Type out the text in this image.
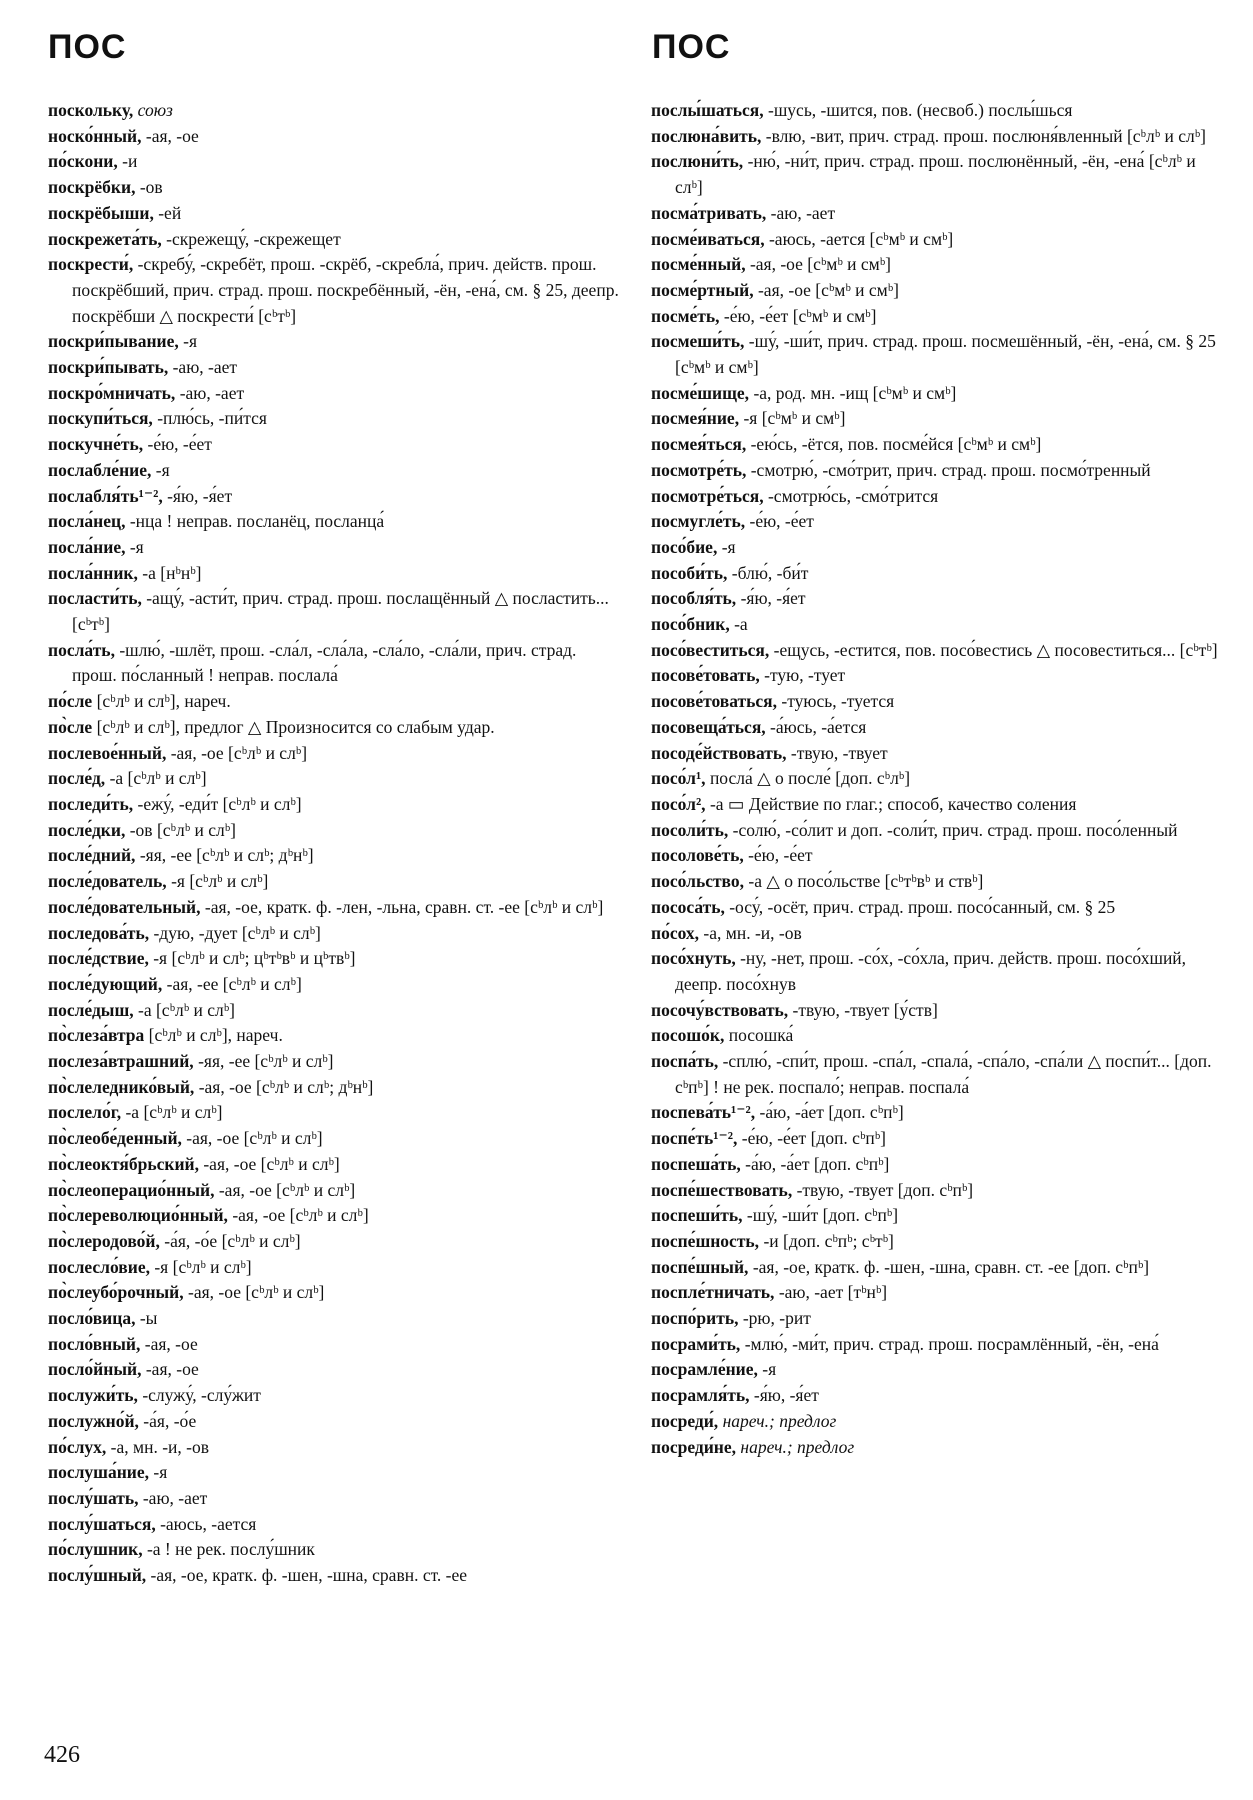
ПОС	ПОС

поскольку, союз

носко́нный, -ая, -ое

по́скони, -и

поскрёбки, -ов

поскрёбыши, -ей

поскрежета́ть, -скрежещу́, -скрежещет

поскрести́, -скребу́, -скребёт, прош. -скрёб, -скребла́, прич. действ. прош. поскрёбший, прич. страд. прош. поскребённый, -ён, -ена́, см. § 25, деепр. поскрёбши △ поскрести́ [сᵇтᵇ]

поскри́пывание, -я

поскри́пывать, -аю, -ает

поскро́мничать, -аю, -ает

поскупи́ться, -плю́сь, -пи́тся

поскучне́ть, -е́ю, -е́ет

послабле́ние, -я

послабля́ть¹⁻², -я́ю, -я́ет

посла́нец, -нца ! неправ. посланёц, посланца́

посла́ние, -я

посла́нник, -а [нᵇнᵇ]

посласти́ть, -ащу́, -асти́т, прич. страд. прош. послащённый △ посластить... [сᵇтᵇ]

посла́ть, -шлю́, -шлёт, прош. -сла́л, -сла́ла, -сла́ло, -сла́ли, прич. страд. прош. по́сланный ! неправ. послала́

по́сле [сᵇлᵇ и слᵇ], нареч.

по̀сле [сᵇлᵇ и слᵇ], предлог △ Произносится со слабым удар.

послевое́нный, -ая, -ое [сᵇлᵇ и слᵇ]

после́д, -а [сᵇлᵇ и слᵇ]

последи́ть, -ежу́, -еди́т [сᵇлᵇ и слᵇ]

после́дки, -ов [сᵇлᵇ и слᵇ]

после́дний, -яя, -ее [сᵇлᵇ и слᵇ; дᵇнᵇ]

после́дователь, -я [сᵇлᵇ и слᵇ]

после́довательный, -ая, -ое, кратк. ф. -лен, -льна, сравн. ст. -ее [сᵇлᵇ и слᵇ]

последова́ть, -дую, -дует [сᵇлᵇ и слᵇ]

после́дствие, -я [сᵇлᵇ и слᵇ; цᵇтᵇвᵇ и цᵇтвᵇ]

после́дующий, -ая, -ее [сᵇлᵇ и слᵇ]

после́дыш, -а [сᵇлᵇ и слᵇ]

по̀слеза́втра [сᵇлᵇ и слᵇ], нареч.

послеза́втрашний, -яя, -ее [сᵇлᵇ и слᵇ]

по̀слеледнико́вый, -ая, -ое [сᵇлᵇ и слᵇ; дᵇнᵇ]

послело́г, -а [сᵇлᵇ и слᵇ]

по̀слеобе́денный, -ая, -ое [сᵇлᵇ и слᵇ]

по̀слеоктя́брьский, -ая, -ое [сᵇлᵇ и слᵇ]

по̀слеоперацио́нный, -ая, -ое [сᵇлᵇ и слᵇ]

по̀слереволюцио́нный, -ая, -ое [сᵇлᵇ и слᵇ]

по̀слеродово́й, -а́я, -о́е [сᵇлᵇ и слᵇ]

послесло́вие, -я [сᵇлᵇ и слᵇ]

по̀слеубо́рочный, -ая, -ое [сᵇлᵇ и слᵇ]

посло́вица, -ы

посло́вный, -ая, -ое

посло́йный, -ая, -ое

послужи́ть, -служу́, -слу́жит

послужно́й, -а́я, -о́е

по́слух, -а, мн. -и, -ов

послуша́ние, -я

послу́шать, -аю, -ает

послу́шаться, -аюсь, -ается

по́слушник, -а ! не рек. послу́шник

послу́шный, -ая, -ое, кратк. ф. -шен, -шна, сравн. ст. -ее

послы́шаться, -шусь, -шится, пов. (несвоб.) послы́шься

послюна́вить, -влю, -вит, прич. страд. прош. послюня́вленный [сᵇлᵇ и слᵇ]

послюни́ть, -ню́, -ни́т, прич. страд. прош. послюнённый, -ён, -ена́ [сᵇлᵇ и слᵇ]

посма́тривать, -аю, -ает

посме́иваться, -аюсь, -ается [сᵇмᵇ и смᵇ]

посме́нный, -ая, -ое [сᵇмᵇ и смᵇ]

посме́ртный, -ая, -ое [сᵇмᵇ и смᵇ]

посме́ть, -е́ю, -е́ет [сᵇмᵇ и смᵇ]

посмеши́ть, -шу́, -ши́т, прич. страд. прош. посмешённый, -ён, -ена́, см. § 25 [сᵇмᵇ и смᵇ]

посме́шище, -а, род. мн. -ищ [сᵇмᵇ и смᵇ]

посмея́ние, -я [сᵇмᵇ и смᵇ]

посмея́ться, -ею́сь, -ётся, пов. посме́йся [сᵇмᵇ и смᵇ]

посмотре́ть, -смотрю́, -смо́трит, прич. страд. прош. посмо́тренный

посмотре́ться, -смотрю́сь, -смо́трится

посмугле́ть, -е́ю, -е́ет

посо́бие, -я

пособи́ть, -блю́, -би́т

пособля́ть, -я́ю, -я́ет

посо́бник, -а

посо́веститься, -ещусь, -естится, пов. посо́вестись △ посовеститься... [сᵇтᵇ]

посове́товать, -тую, -тует

посове́товаться, -туюсь, -туется

посовеща́ться, -а́юсь, -а́ется

посоде́йствовать, -твую, -твует

посо́л¹, посла́ △ о после́ [доп. сᵇлᵇ]

посо́л², -а ▭ Действие по глаг.; способ, качество соления

посоли́ть, -солю́, -со́лит и доп. -соли́т, прич. страд. прош. посо́ленный

посолове́ть, -е́ю, -е́ет

посо́льство, -а △ о посо́льстве [сᵇтᵇвᵇ и ствᵇ]

пососа́ть, -осу́, -осёт, прич. страд. прош. посо́санный, см. § 25

по́сох, -а, мн. -и, -ов

посо́хнуть, -ну, -нет, прош. -со́х, -со́хла, прич. действ. прош. посо́хший, деепр. посо́хнув

посочу́вствовать, -твую, -твует [у́ств]

посошо́к, посошка́

поспа́ть, -сплю́, -спи́т, прош. -спа́л, -спала́, -спа́ло, -спа́ли △ поспи́т... [доп. сᵇпᵇ] ! не рек. поспало́; неправ. поспала́

поспева́ть¹⁻², -а́ю, -а́ет [доп. сᵇпᵇ]

поспе́ть¹⁻², -е́ю, -е́ет [доп. сᵇпᵇ]

поспеша́ть, -а́ю, -а́ет [доп. сᵇпᵇ]

поспе́шествовать, -твую, -твует [доп. сᵇпᵇ]

поспеши́ть, -шу́, -ши́т [доп. сᵇпᵇ]

поспе́шность, -и [доп. сᵇпᵇ; сᵇтᵇ]

поспе́шный, -ая, -ое, кратк. ф. -шен, -шна, сравн. ст. -ее [доп. сᵇпᵇ]

поспле́тничать, -аю, -ает [тᵇнᵇ]

поспо́рить, -рю, -рит

посрами́ть, -млю́, -ми́т, прич. страд. прош. посрамлённый, -ён, -ена́

посрамле́ние, -я

посрамля́ть, -я́ю, -я́ет

посреди́, нареч.; предлог

посреди́не, нареч.; предлог

426
